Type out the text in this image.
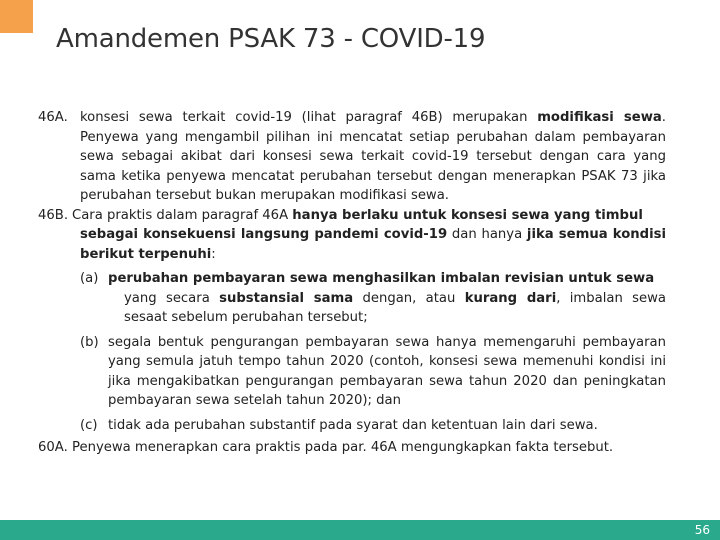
Amandemen PSAK 73 - COVID-19
46A. konsesi sewa terkait covid-19 (lihat paragraf 46B) merupakan modifikasi sewa. Penyewa yang mengambil pilihan ini mencatat setiap perubahan dalam pembayaran sewa sebagai akibat dari konsesi sewa terkait covid-19 tersebut dengan cara yang sama ketika penyewa mencatat perubahan tersebut dengan menerapkan PSAK 73 jika perubahan tersebut bukan merupakan modifikasi sewa.
46B. Cara praktis dalam paragraf 46A hanya berlaku untuk konsesi sewa yang timbul
sebagai konsekuensi langsung pandemi covid-19 dan hanya jika semua kondisi berikut terpenuhi:
(a) perubahan pembayaran sewa menghasilkan imbalan revisian untuk sewa
yang secara substansial sama dengan, atau kurang dari, imbalan sewa sesaat sebelum perubahan tersebut;
(b) segala bentuk pengurangan pembayaran sewa hanya memengaruhi pembayaran yang semula jatuh tempo tahun 2020 (contoh, konsesi sewa memenuhi kondisi ini jika mengakibatkan pengurangan pembayaran sewa tahun 2020 dan peningkatan pembayaran sewa setelah tahun 2020); dan
(c) tidak ada perubahan substantif pada syarat dan ketentuan lain dari sewa.
60A. Penyewa menerapkan cara praktis pada par. 46A mengungkapkan fakta tersebut.
56
